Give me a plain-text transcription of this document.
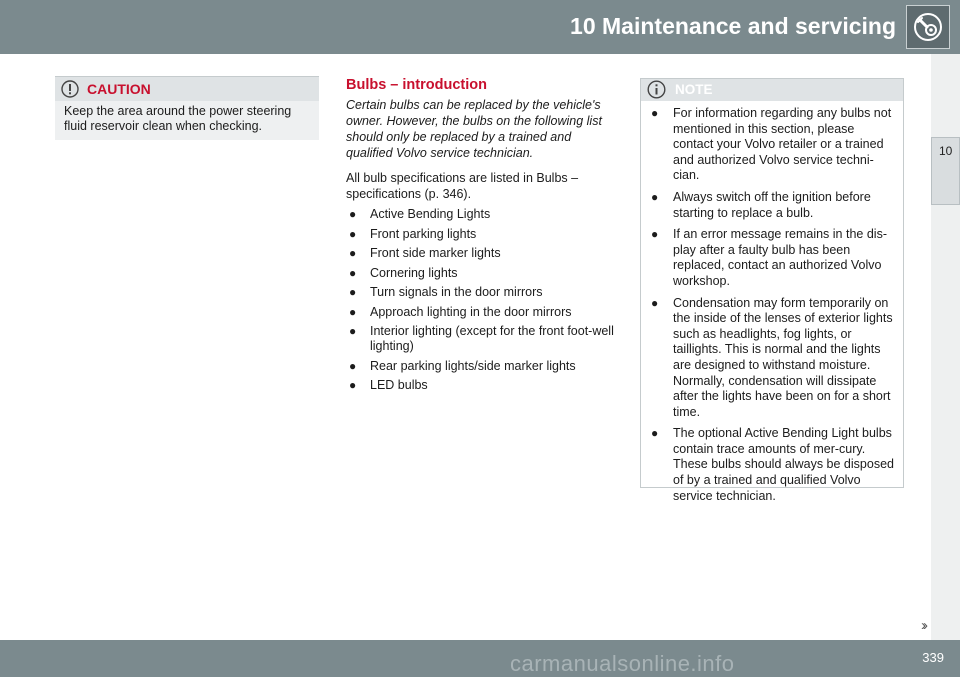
10 Maintenance and servicing
10
CAUTION
Keep the area around the power steering fluid reservoir clean when checking.
Bulbs – introduction

Certain bulbs can be replaced by the vehicle's owner. However, the bulbs on the following list should only be replaced by a trained and qualified Volvo service technician.

All bulb specifications are listed in Bulbs – specifications (p. 346).

● Active Bending Lights
● Front parking lights
● Front side marker lights
● Cornering lights
● Turn signals in the door mirrors
● Approach lighting in the door mirrors
● Interior lighting (except for the front foot-well lighting)
● Rear parking lights/side marker lights
● LED bulbs
NOTE
● For information regarding any bulbs not mentioned in this section, please contact your Volvo retailer or a trained and authorized Volvo service techni-cian.
● Always switch off the ignition before starting to replace a bulb.
● If an error message remains in the dis-play after a faulty bulb has been replaced, contact an authorized Volvo workshop.
● Condensation may form temporarily on the inside of the lenses of exterior lights such as headlights, fog lights, or taillights. This is normal and the lights are designed to withstand moisture. Normally, condensation will dissipate after the lights have been on for a short time.
● The optional Active Bending Light bulbs contain trace amounts of mer-cury. These bulbs should always be disposed of by a trained and qualified Volvo service technician.
››
339
carmanualsonline.info
